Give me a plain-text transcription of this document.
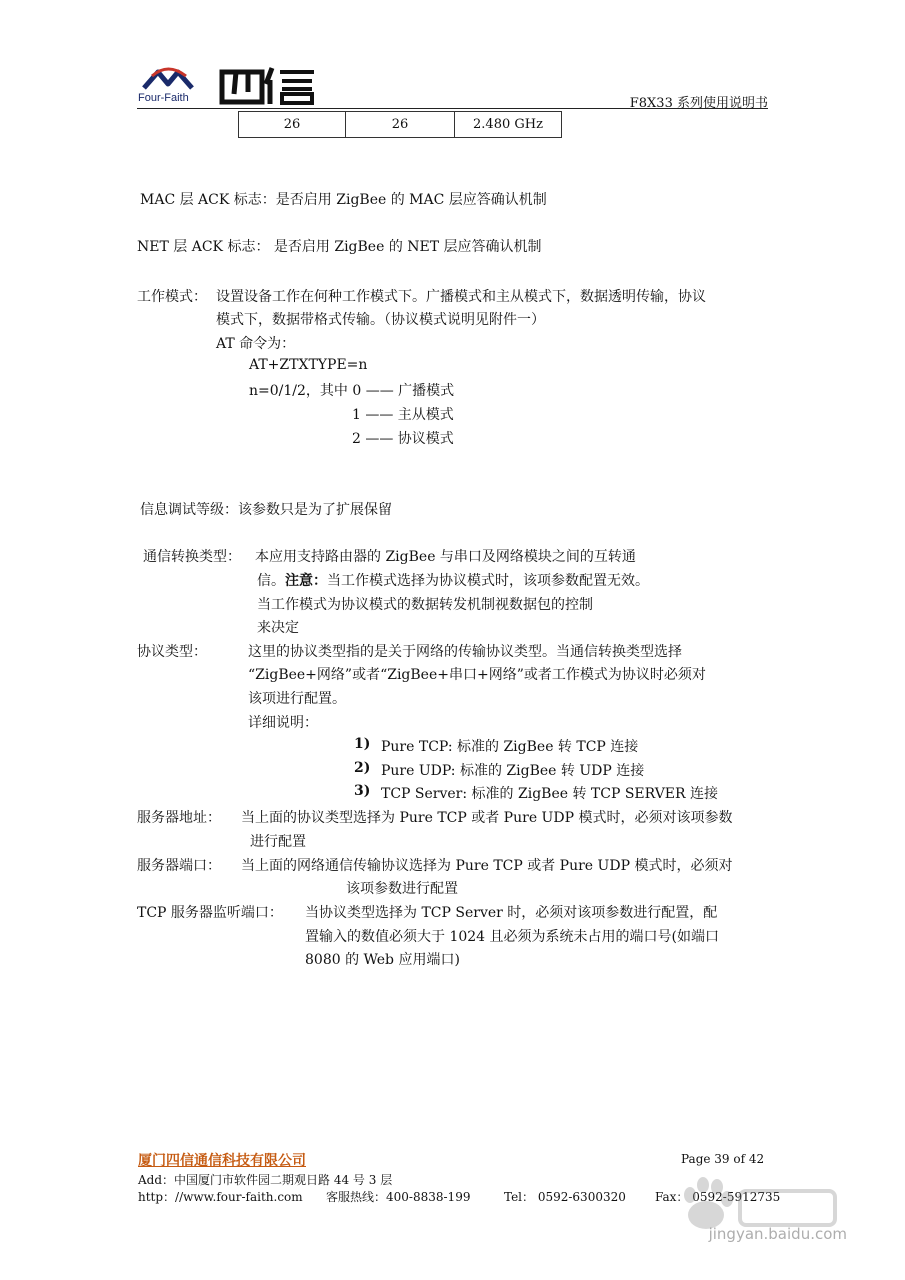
Four-Faith	F8X33 系列使用说明书
26	26	2.480 GHz
MAC 层 ACK 标志：是否启用 ZigBee 的 MAC 层应答确认机制
NET 层 ACK 标志： 是否启用 ZigBee 的 NET 层应答确认机制
工作模式： 设置设备工作在何种工作模式下。广播模式和主从模式下，数据透明传输，协议
模式下，数据带格式传输。（协议模式说明见附件一）
AT 命令为：
AT+ZTXTYPE=n
n=0/1/2，其中 0 —— 广播模式
1 —— 主从模式
2 —— 协议模式
信息调试等级：该参数只是为了扩展保留
通信转换类型： 本应用支持路由器的 ZigBee 与串口及网络模块之间的互转通
信。注意：当工作模式选择为协议模式时，该项参数配置无效。
当工作模式为协议模式的数据转发机制视数据包的控制
来决定
协议类型：	这里的协议类型指的是关于网络的传输协议类型。当通信转换类型选择
“ZigBee+网络”或者“ZigBee+串口+网络”或者工作模式为协议时必须对
该项进行配置。
详细说明：
1) Pure TCP: 标准的 ZigBee 转 TCP 连接
2) Pure UDP: 标准的 ZigBee 转 UDP 连接
3) TCP Server: 标准的 ZigBee 转 TCP SERVER 连接
服务器地址： 当上面的协议类型选择为 Pure TCP 或者 Pure UDP 模式时，必须对该项参数
进行配置
服务器端口： 当上面的网络通信传输协议选择为 Pure TCP 或者 Pure UDP 模式时，必须对
该项参数进行配置
TCP 服务器监听端口： 当协议类型选择为 TCP Server 时，必须对该项参数进行配置，配
置输入的数值必须大于 1024 且必须为系统未占用的端口号(如端口
8080 的 Web 应用端口)
厦门四信通信科技有限公司	Page 39 of 42
Add：中国厦门市软件园二期观日路 44 号 3 层
http：//www.four-faith.com 客服热线：400-8838-199	Tel： 0592-6300320 Fax： 0592-5912735
jingyan.baidu.com
